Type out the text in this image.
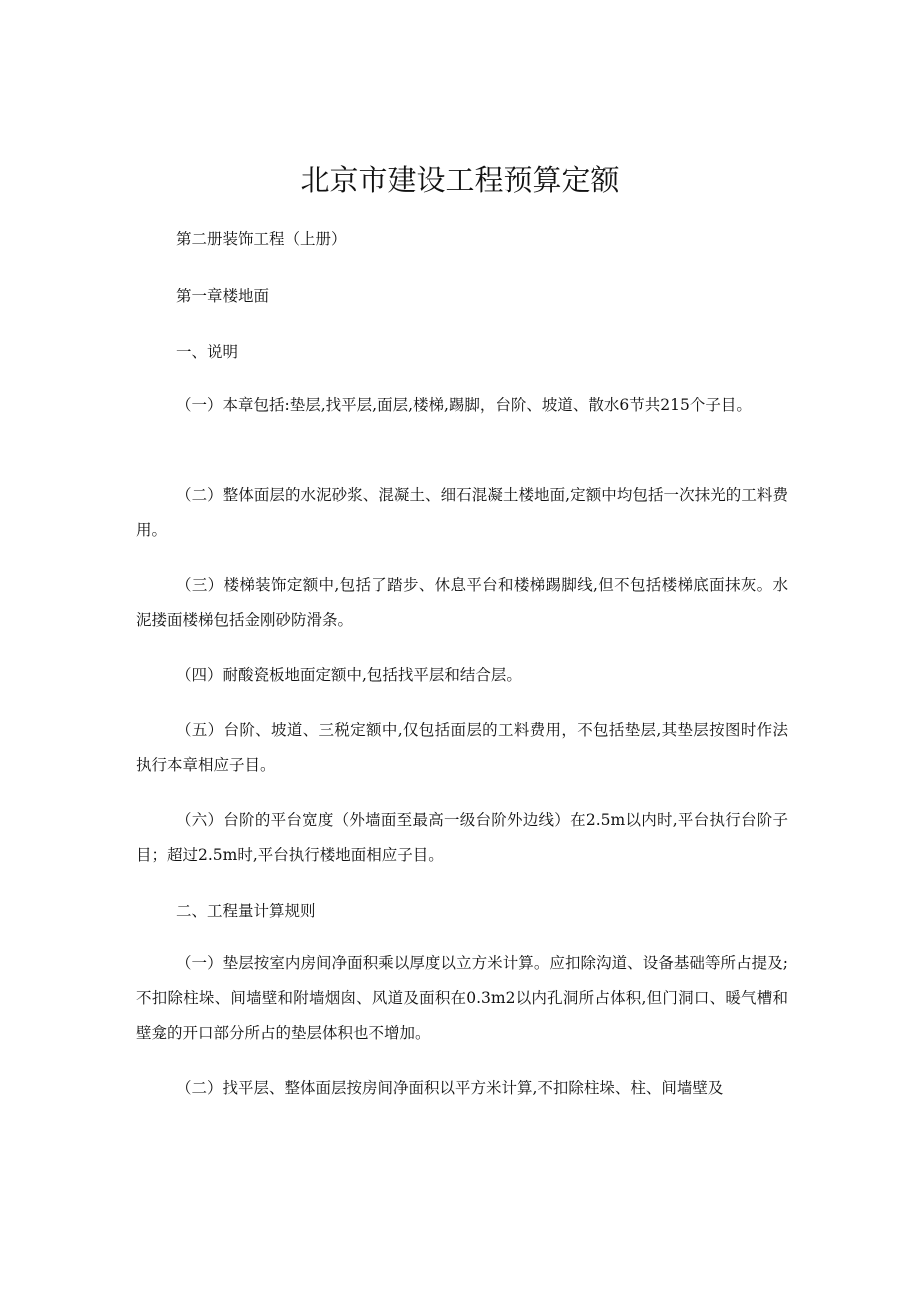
北京市建设工程预算定额

第二册装饰工程（上册）

第一章楼地面

一、说明

（一）本章包括:垫层,找平层,面层,楼梯,踢脚，台阶、坡道、散水6节共215个子目。

（二）整体面层的水泥砂浆、混凝土、细石混凝土楼地面,定额中均包括一次抹光的工料费用。

（三）楼梯装饰定额中,包括了踏步、休息平台和楼梯踢脚线,但不包括楼梯底面抹灰。水泥搂面楼梯包括金刚砂防滑条。

（四）耐酸瓷板地面定额中,包括找平层和结合层。

（五）台阶、坡道、三税定额中,仅包括面层的工料费用，不包括垫层,其垫层按图时作法执行本章相应子目。

（六）台阶的平台宽度（外墙面至最高一级台阶外边线）在2.5m以内时,平台执行台阶子目；超过2.5m时,平台执行楼地面相应子目。

二、工程量计算规则

（一）垫层按室内房间净面积乘以厚度以立方米计算。应扣除沟道、设备基础等所占提及;不扣除柱垛、间墙壁和附墙烟囱、风道及面积在0.3m2以内孔洞所占体积,但门洞口、暖气槽和壁龛的开口部分所占的垫层体积也不增加。

（二）找平层、整体面层按房间净面积以平方米计算,不扣除柱垛、柱、间墙壁及
